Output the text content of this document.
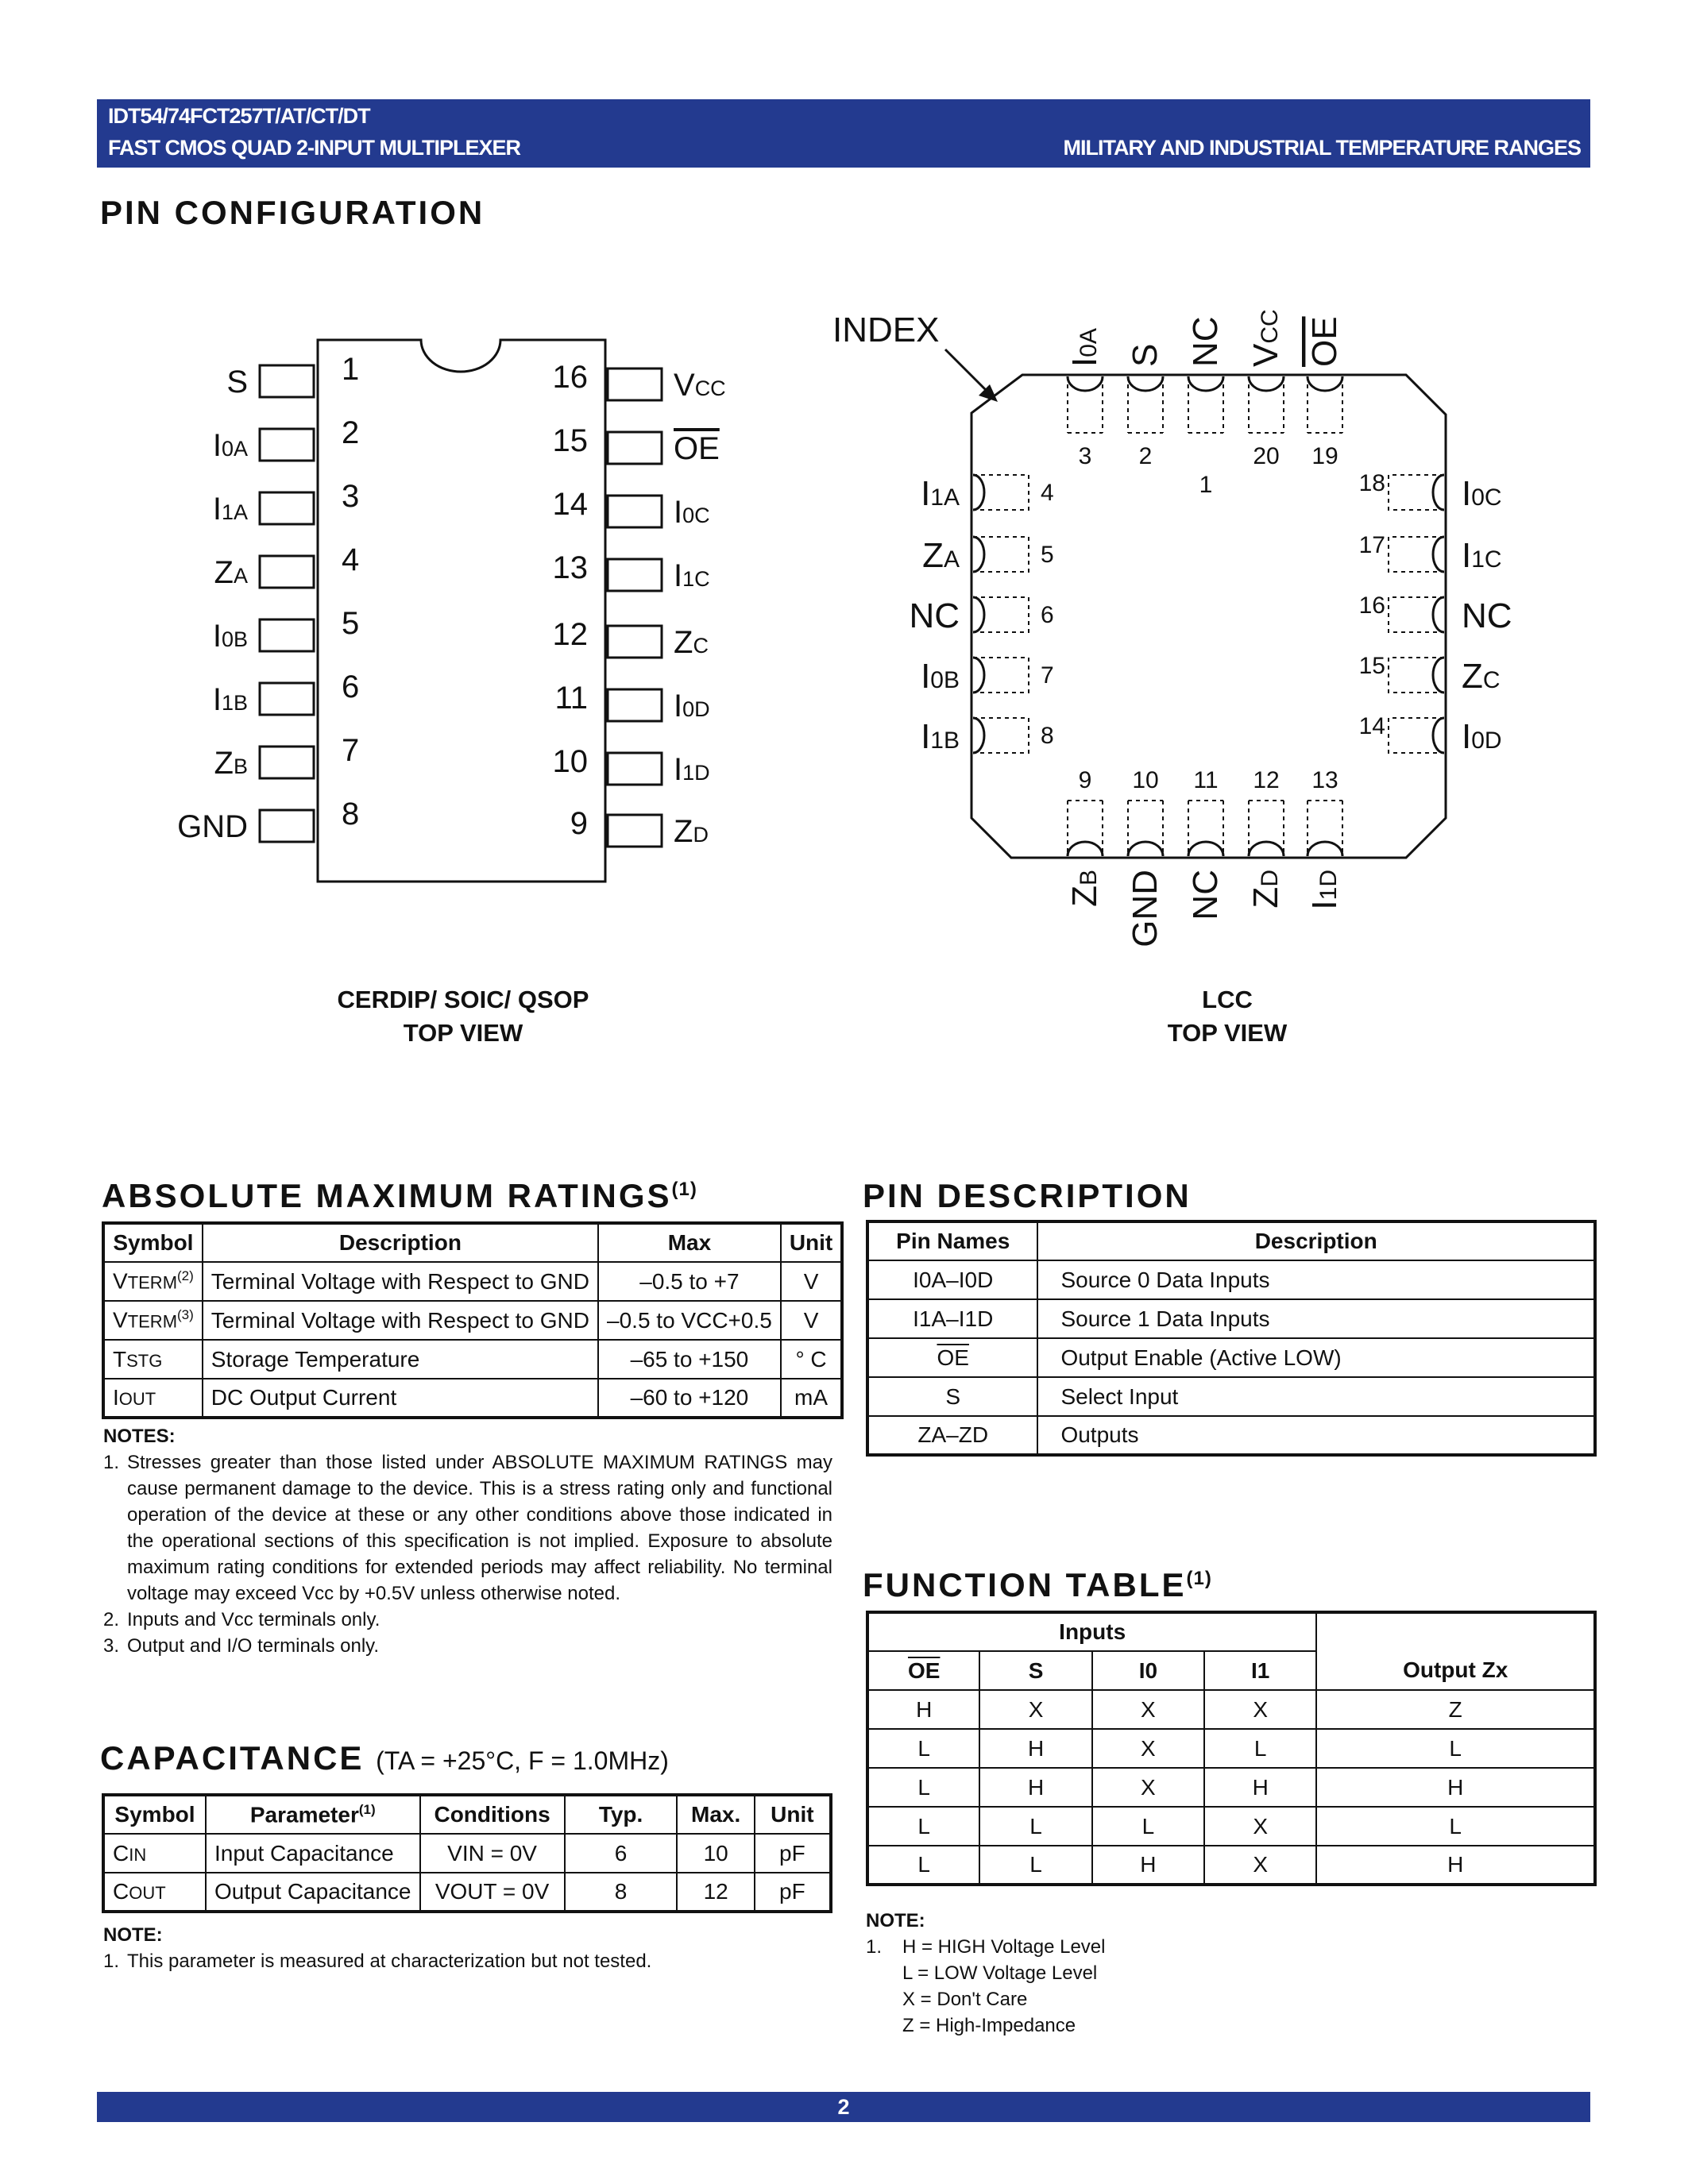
IDT54/74FCT257T/AT/CT/DT
FAST CMOS QUAD 2-INPUT MULTIPLEXER	MILITARY AND INDUSTRIAL TEMPERATURE RANGES
PIN CONFIGURATION
1
S
2
I0A
3
I1A
4
ZA
5
I0B
6
I1B
7
ZB
8
GND
16	VCC
15	OE
14	I0C
13	I1C
12	ZC
11	I0D
10	I1D
9	ZD
INDEX
3
I0A
2
S
1
NC
20
VCC
19
OE
4
I1A
5
ZA
6
NC
7
I0B
8
I1B
18 I0C
17 I1C
16 NC
15 ZC
14 I0D
9
ZB
10
GND
11
NC
12
ZD
13
I1D
CERDIP/ SOIC/ QSOP
TOP VIEW
LCC
TOP VIEW
ABSOLUTE MAXIMUM RATINGS$^{(1)}$
Symbol	Description	Max	Unit
VTERM$^{(2)}$	Terminal Voltage with Respect to GND	–0.5 to +7	V
VTERM$^{(3)}$	Terminal Voltage with Respect to GND	–0.5 to VCC+0.5	V
TSTG	Storage Temperature	–65 to +150	° C
IOUT	DC Output Current	–60 to +120	mA
NOTES:
1. Stresses greater than those listed under ABSOLUTE MAXIMUM RATINGS may cause permanent damage to the device. This is a stress rating only and functional operation of the device at these or any other conditions above those indicated in the operational sections of this specification is not implied. Exposure to absolute maximum rating conditions for extended periods may affect reliability. No terminal voltage may exceed Vcc by +0.5V unless otherwise noted.
2. Inputs and Vcc terminals only.
3. Output and I/O terminals only.
CAPACITANCE (TA = +25°C, F = 1.0MHz)
Symbol	Parameter$^{(1)}$	Conditions	Typ.	Max.	Unit
CIN	Input Capacitance	VIN = 0V	6	10	pF
COUT	Output Capacitance	VOUT = 0V	8	12	pF
NOTE:
1. This parameter is measured at characterization but not tested.
PIN DESCRIPTION
Pin Names	Description
I0A–I0D	Source 0 Data Inputs
I1A–I1D	Source 1 Data Inputs
$\overline{OE}$	Output Enable (Active LOW)
S	Select Input
ZA–ZD	Outputs
FUNCTION TABLE$^{(1)}$
Inputs				Output Zx
$\overline{OE}$	S	I0	I1	
H	X	X	X	Z
L	H	X	L	L
L	H	X	H	H
L	L	L	X	L
L	L	H	X	H
NOTE:
1.	H = HIGH Voltage Level
L = LOW Voltage Level
X = Don't Care
Z = High-Impedance
2
